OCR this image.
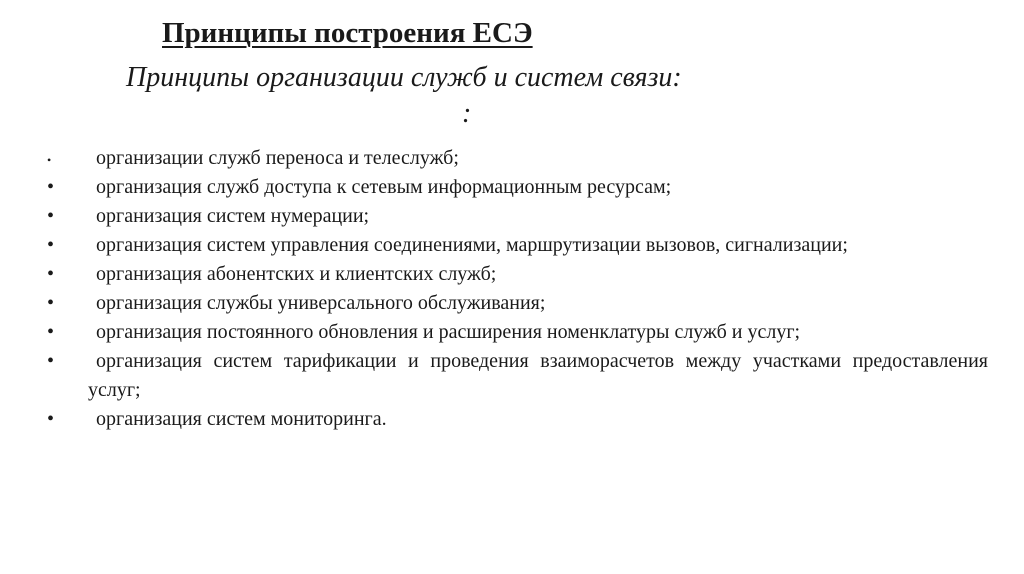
Принципы построения ЕСЭ
Принципы организации служб и систем связи:
:
•	организации служб переноса и телеслужб;
•	организация служб доступа к сетевым информационным ресурсам;
•	организация систем нумерации;
•	организация систем управления соединениями, маршрутизации вызовов, сигнализации;
•	организация абонентских и клиентских служб;
•	организация службы универсального обслуживания;
•	организация постоянного обновления и расширения номенклатуры служб и услуг;
•	организация систем тарификации и проведения взаиморасчетов между участками предоставления услуг;
•	организация систем мониторинга.
